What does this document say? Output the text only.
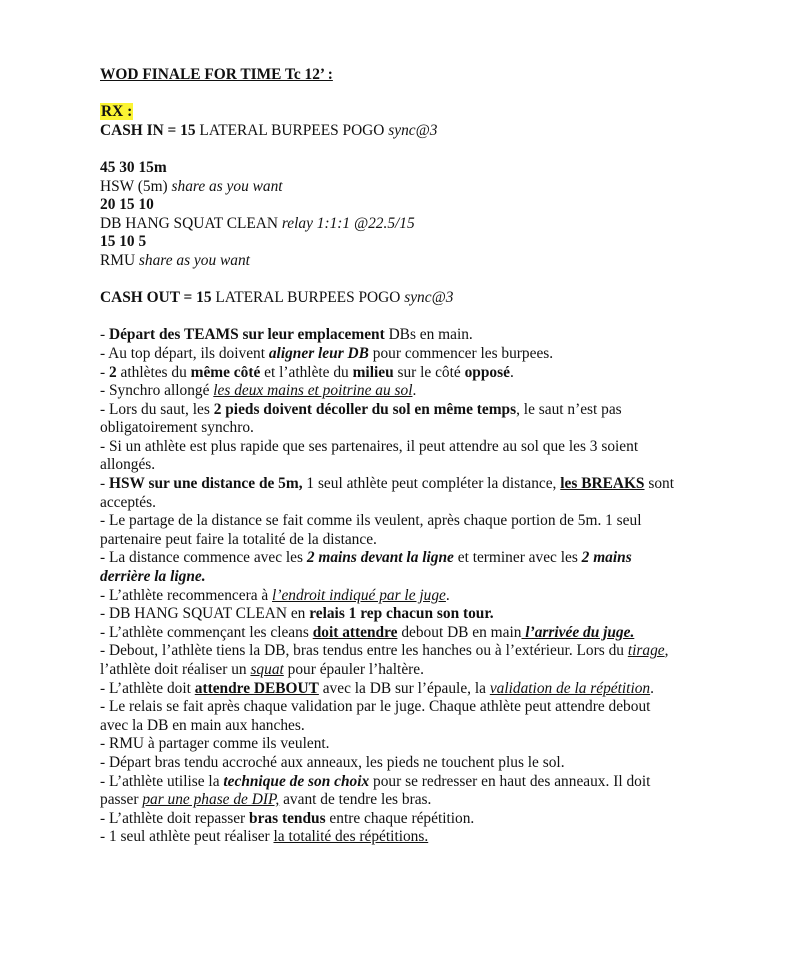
WOD FINALE FOR TIME Tc 12’ :
RX :
CASH IN = 15 LATERAL BURPEES POGO sync@3
45 30 15m
HSW (5m) share as you want
20 15 10
DB HANG SQUAT CLEAN relay 1:1:1 @22.5/15
15 10 5
RMU share as you want
CASH OUT = 15 LATERAL BURPEES POGO sync@3
- Départ des TEAMS sur leur emplacement DBs en main.
- Au top départ, ils doivent aligner leur DB pour commencer les burpees.
- 2 athlètes du même côté et l’athlète du milieu sur le côté opposé.
- Synchro allongé les deux mains et poitrine au sol.
- Lors du saut, les 2 pieds doivent décoller du sol en même temps, le saut n’est pas
obligatoirement synchro.
- Si un athlète est plus rapide que ses partenaires, il peut attendre au sol que les 3 soient
allongés.
- HSW sur une distance de 5m, 1 seul athlète peut compléter la distance, les BREAKS sont
acceptés.
- Le partage de la distance se fait comme ils veulent, après chaque portion de 5m. 1 seul
partenaire peut faire la totalité de la distance.
- La distance commence avec les 2 mains devant la ligne et terminer avec les 2 mains
derrière la ligne.
- L’athlète recommencera à l’endroit indiqué par le juge.
- DB HANG SQUAT CLEAN en relais 1 rep chacun son tour.
- L’athlète commençant les cleans doit attendre debout DB en main l’arrivée du juge.
- Debout, l’athlète tiens la DB, bras tendus entre les hanches ou à l’extérieur. Lors du tirage,
l’athlète doit réaliser un squat pour épauler l’haltère.
- L’athlète doit attendre DEBOUT avec la DB sur l’épaule, la validation de la répétition.
- Le relais se fait après chaque validation par le juge. Chaque athlète peut attendre debout
avec la DB en main aux hanches.
- RMU à partager comme ils veulent.
- Départ bras tendu accroché aux anneaux, les pieds ne touchent plus le sol.
- L’athlète utilise la technique de son choix pour se redresser en haut des anneaux. Il doit
passer par une phase de DIP, avant de tendre les bras.
- L’athlète doit repasser bras tendus entre chaque répétition.
- 1 seul athlète peut réaliser la totalité des répétitions.
